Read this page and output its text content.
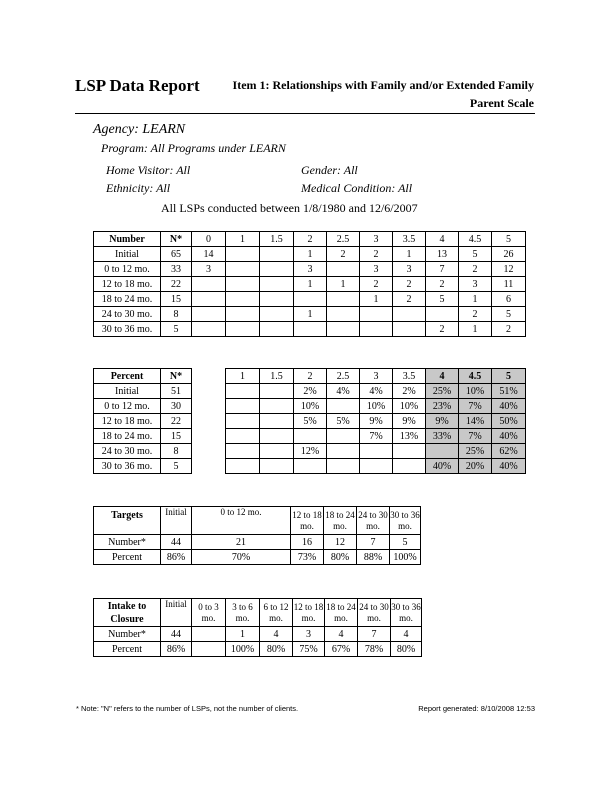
LSP Data Report	Item 1: Relationships with Family and/or Extended Family
Parent Scale
Agency: LEARN
Program: All Programs under LEARN
Home Visitor: All	Gender: All
Ethnicity: All	Medical Condition: All
All LSPs conducted between 1/8/1980 and 12/6/2007
Number	N*	0	1	1.5	2	2.5	3	3.5	4	4.5	5
Initial	65	14			1	2	2	1	13	5	26
0 to 12 mo.	33	3			3		3	3	7	2	12
12 to 18 mo.	22				1	1	2	2	2	3	11
18 to 24 mo.	15						1	2	5	1	6
24 to 30 mo.	8				1					2	5
30 to 36 mo.	5								2	1	2
Percent	N*		1	1.5	2	2.5	3	3.5	4	4.5	5
Initial	51				2%	4%	4%	2%	25%	10%	51%
0 to 12 mo.	30				10%		10%	10%	23%	7%	40%
12 to 18 mo.	22				5%	5%	9%	9%	9%	14%	50%
18 to 24 mo.	15						7%	13%	33%	7%	40%
24 to 30 mo.	8				12%					25%	62%
30 to 36 mo.	5								40%	20%	40%
Targets	Initial	0 to 12 mo.	12 to 18 mo.	18 to 24 mo.	24 to 30 mo.	30 to 36 mo.
Number*	44	21	16	12	7	5
Percent	86%	70%	73%	80%	88%	100%
Intake to Closure	Initial	0 to 3 mo.	3 to 6 mo.	6 to 12 mo.	12 to 18 mo.	18 to 24 mo.	24 to 30 mo.	30 to 36 mo.
Number*	44		1	4	3	4	7	4
Percent	86%		100%	80%	75%	67%	78%	80%
* Note: "N" refers to the number of LSPs, not the number of clients.	Report generated: 8/10/2008 12:53
